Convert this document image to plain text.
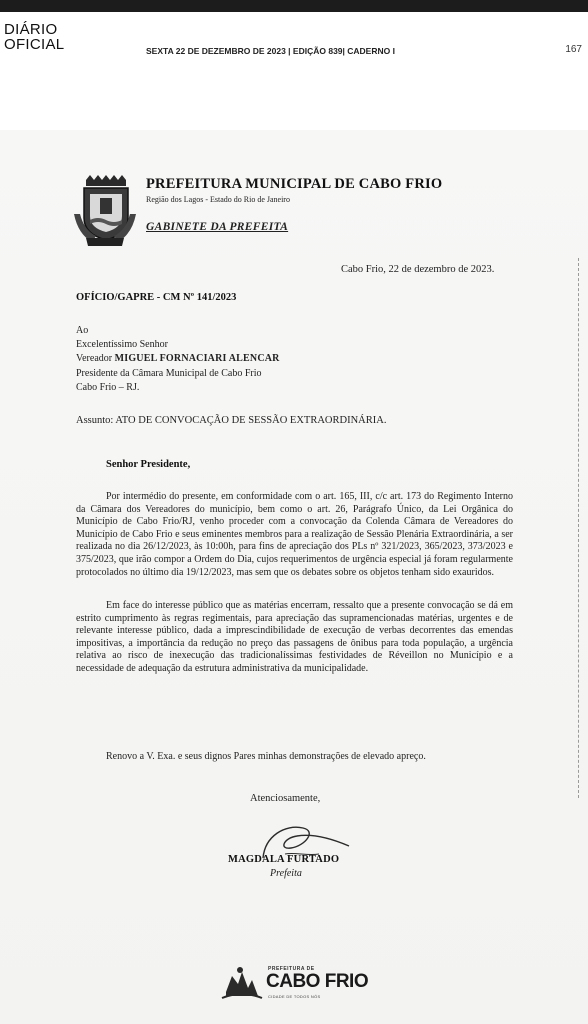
DIÁRIO
OFICIAL	SEXTA 22 DE DEZEMBRO DE 2023 | EDIÇÃO 839| CADERNO I	167
PREFEITURA MUNICIPAL DE CABO FRIO
Região dos Lagos - Estado do Rio de Janeiro
GABINETE DA PREFEITA
Cabo Frio, 22 de dezembro de 2023.
OFÍCIO/GAPRE - CM Nº 141/2023
Ao
Excelentíssimo Senhor
Vereador MIGUEL FORNACIARI ALENCAR
Presidente da Câmara Municipal de Cabo Frio
Cabo Frio – RJ.
Assunto: ATO DE CONVOCAÇÃO DE SESSÃO EXTRAORDINÁRIA.
Senhor Presidente,

Por intermédio do presente, em conformidade com o art. 165, III, c/c art. 173 do Regimento Interno da Câmara dos Vereadores do município, bem como o art. 26, Parágrafo Único, da Lei Orgânica do Município de Cabo Frio/RJ, venho proceder com a convocação da Colenda Câmara de Vereadores do Município de Cabo Frio e seus eminentes membros para a realização de Sessão Plenária Extraordinária, a ser realizada no dia 26/12/2023, às 10:00h, para fins de apreciação dos PLs nº 321/2023, 365/2023, 373/2023 e 375/2023, que irão compor a Ordem do Dia, cujos requerimentos de urgência especial já foram regularmente protocolados no último dia 19/12/2023, mas sem que os debates sobre os objetos tenham sido exauridos.

Em face do interesse público que as matérias encerram, ressalto que a presente convocação se dá em estrito cumprimento às regras regimentais, para apreciação das supramencionadas matérias, urgentes e de relevante interesse público, dada a imprescindibilidade de execução de verbas decorrentes das emendas impositivas, a importância da redução no preço das passagens de ônibus para toda população, a urgência relativa ao risco de inexecução das tradicionalíssimas festividades de Réveillon no Município e a necessidade de adequação da estrutura administrativa da municipalidade.

Renovo a V. Exa. e seus dignos Pares minhas demonstrações de elevado apreço.

Atenciosamente,
MAGDALA FURTADO
Prefeita
PREFEITURA DE
CABO FRIO
CIDADE DE TODOS NÓS
